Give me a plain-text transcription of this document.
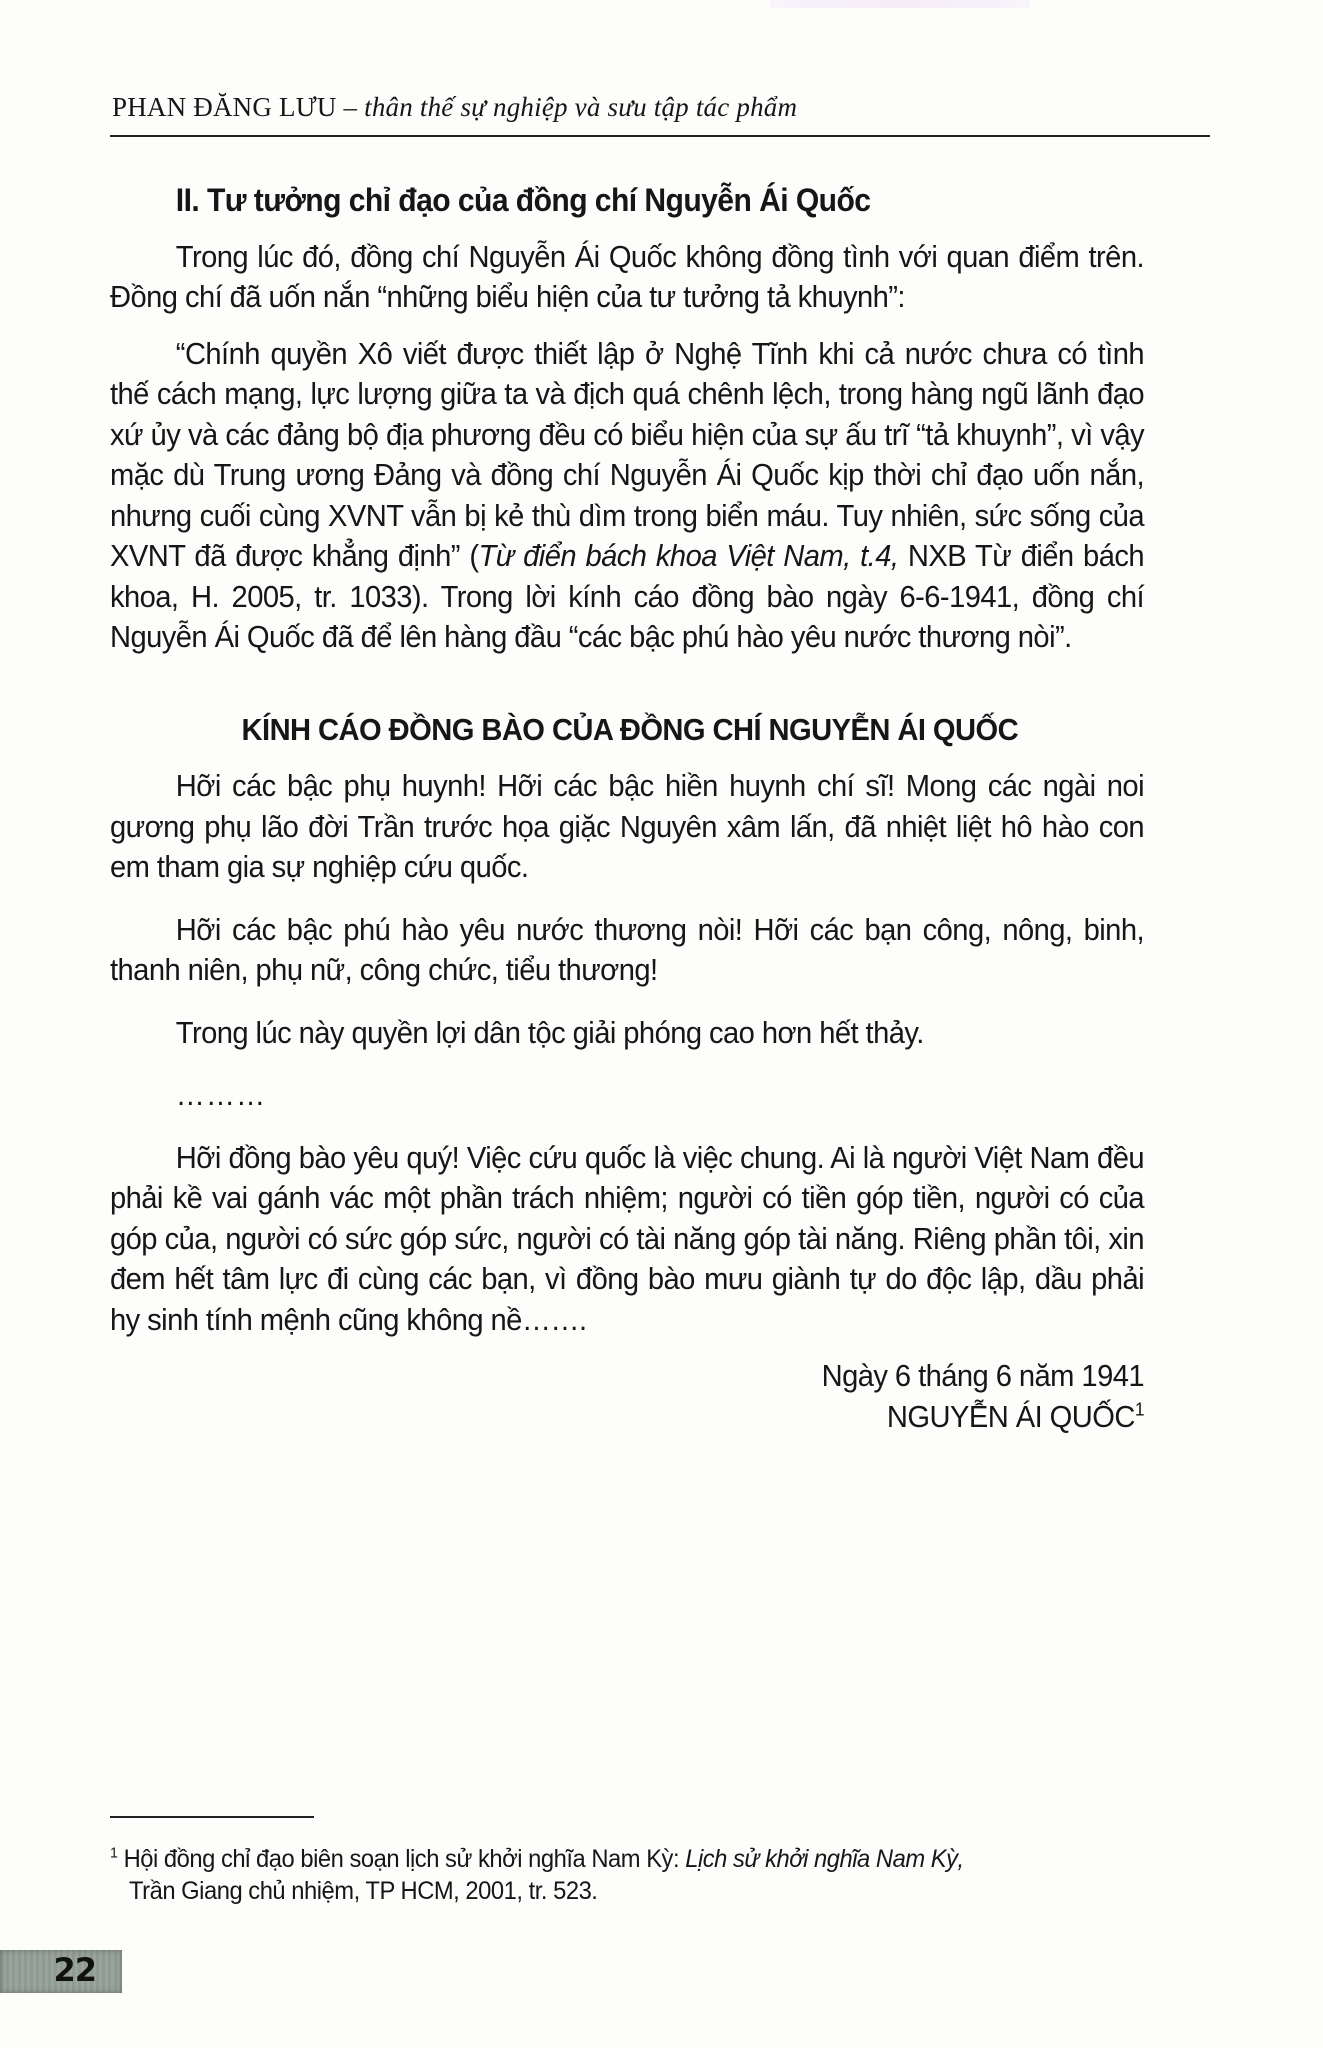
PHAN ĐĂNG LƯU – thân thế sự nghiệp và sưu tập tác phẩm

II. Tư tưởng chỉ đạo của đồng chí Nguyễn Ái Quốc

Trong lúc đó, đồng chí Nguyễn Ái Quốc không đồng tình với quan điểm trên. Đồng chí đã uốn nắn “những biểu hiện của tư tưởng tả khuynh”:

“Chính quyền Xô viết được thiết lập ở Nghệ Tĩnh khi cả nước chưa có tình thế cách mạng, lực lượng giữa ta và địch quá chênh lệch, trong hàng ngũ lãnh đạo xứ ủy và các đảng bộ địa phương đều có biểu hiện của sự ấu trĩ “tả khuynh”, vì vậy mặc dù Trung ương Đảng và đồng chí Nguyễn Ái Quốc kịp thời chỉ đạo uốn nắn, nhưng cuối cùng XVNT vẫn bị kẻ thù dìm trong biển máu. Tuy nhiên, sức sống của XVNT đã được khẳng định” (Từ điển bách khoa Việt Nam, t.4, NXB Từ điển bách khoa, H. 2005, tr. 1033). Trong lời kính cáo đồng bào ngày 6-6-1941, đồng chí Nguyễn Ái Quốc đã để lên hàng đầu “các bậc phú hào yêu nước thương nòi”.

KÍNH CÁO ĐỒNG BÀO CỦA ĐỒNG CHÍ NGUYỄN ÁI QUỐC

Hỡi các bậc phụ huynh! Hỡi các bậc hiền huynh chí sĩ! Mong các ngài noi gương phụ lão đời Trần trước họa giặc Nguyên xâm lấn, đã nhiệt liệt hô hào con em tham gia sự nghiệp cứu quốc.

Hỡi các bậc phú hào yêu nước thương nòi! Hỡi các bạn công, nông, binh, thanh niên, phụ nữ, công chức, tiểu thương!

Trong lúc này quyền lợi dân tộc giải phóng cao hơn hết thảy.

………

Hỡi đồng bào yêu quý! Việc cứu quốc là việc chung. Ai là người Việt Nam đều phải kề vai gánh vác một phần trách nhiệm; người có tiền góp tiền, người có của góp của, người có sức góp sức, người có tài năng góp tài năng. Riêng phần tôi, xin đem hết tâm lực đi cùng các bạn, vì đồng bào mưu giành tự do độc lập, dầu phải hy sinh tính mệnh cũng không nề…….

Ngày 6 tháng 6 năm 1941

NGUYỄN ÁI QUỐC$^1$

$^1$ Hội đồng chỉ đạo biên soạn lịch sử khởi nghĩa Nam Kỳ: Lịch sử khởi nghĩa Nam Kỳ,
Trần Giang chủ nhiệm, TP HCM, 2001, tr. 523.
22
